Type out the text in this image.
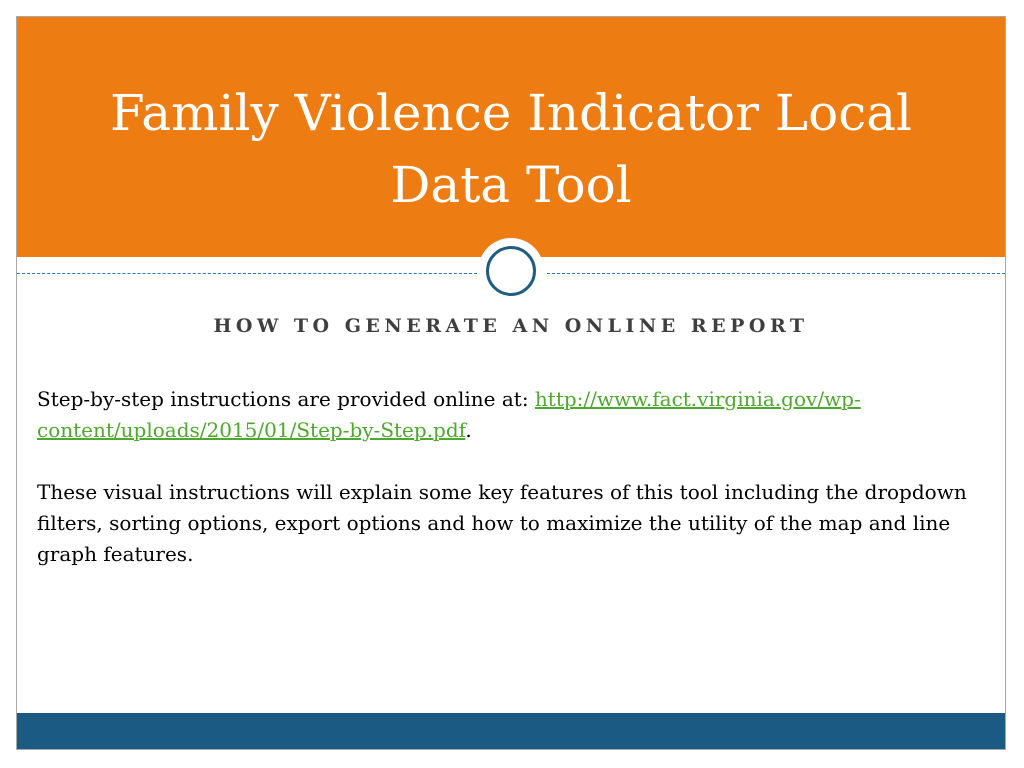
Family Violence Indicator Local
Data Tool
HOW TO GENERATE AN ONLINE REPORT

Step-by-step instructions are provided online at: http://www.fact.virginia.gov/wp-content/uploads/2015/01/Step-by-Step.pdf.

These visual instructions will explain some key features of this tool including the dropdown filters, sorting options, export options and how to maximize the utility of the map and line graph features.
